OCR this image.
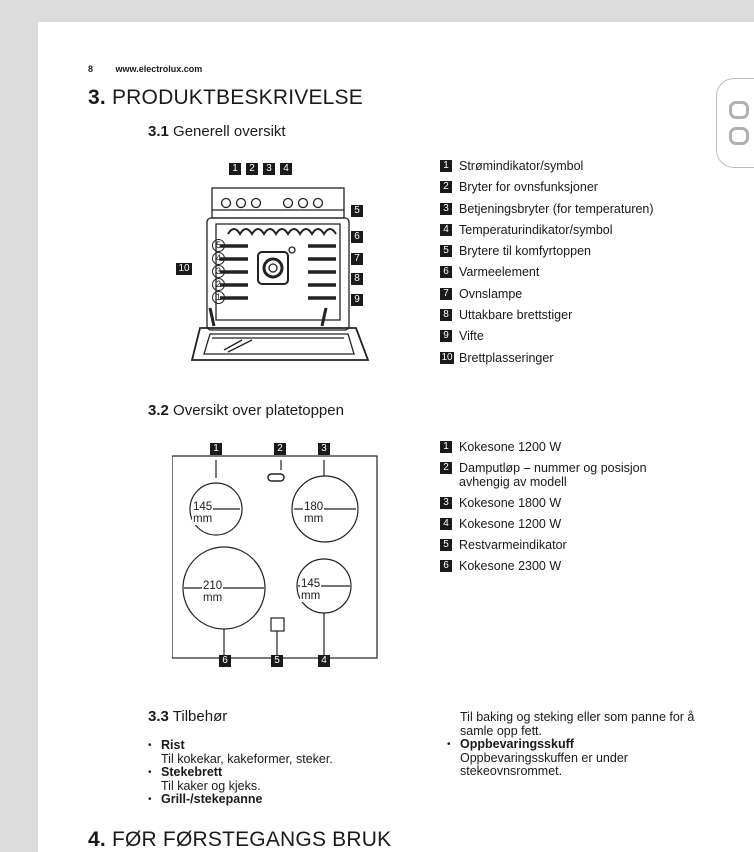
8	www.electrolux.com
3. PRODUKTBESKRIVELSE
3.1 Generell oversikt
1	2	3	4
5
6
7
8
9
10
5
4
3
2
1
1 Strømindikator/symbol
2 Bryter for ovnsfunksjoner
3 Betjeningsbryter (for temperaturen)
4 Temperaturindikator/symbol
5 Brytere til komfyrtoppen
6 Varmeelement
7 Ovnslampe
8 Uttakbare brettstiger
9 Vifte
10 Brettplasseringer
3.2 Oversikt over platetoppen
1	2	3
6	5	4
145 mm
180 mm
210 mm
145 mm
1 Kokesone 1200 W
2 Damputløp – nummer og posisjon avhengig av modell
3 Kokesone 1800 W
4 Kokesone 1200 W
5 Restvarmeindikator
6 Kokesone 2300 W
3.3 Tilbehør
• Rist
Til kokekar, kakeformer, steker.
• Stekebrett
Til kaker og kjeks.
• Grill-/stekepanne
Til baking og steking eller som panne for å samle opp fett.
• Oppbevaringsskuff
Oppbevaringsskuffen er under stekeovnsrommet.
4. FØR FØRSTEGANGS BRUK
